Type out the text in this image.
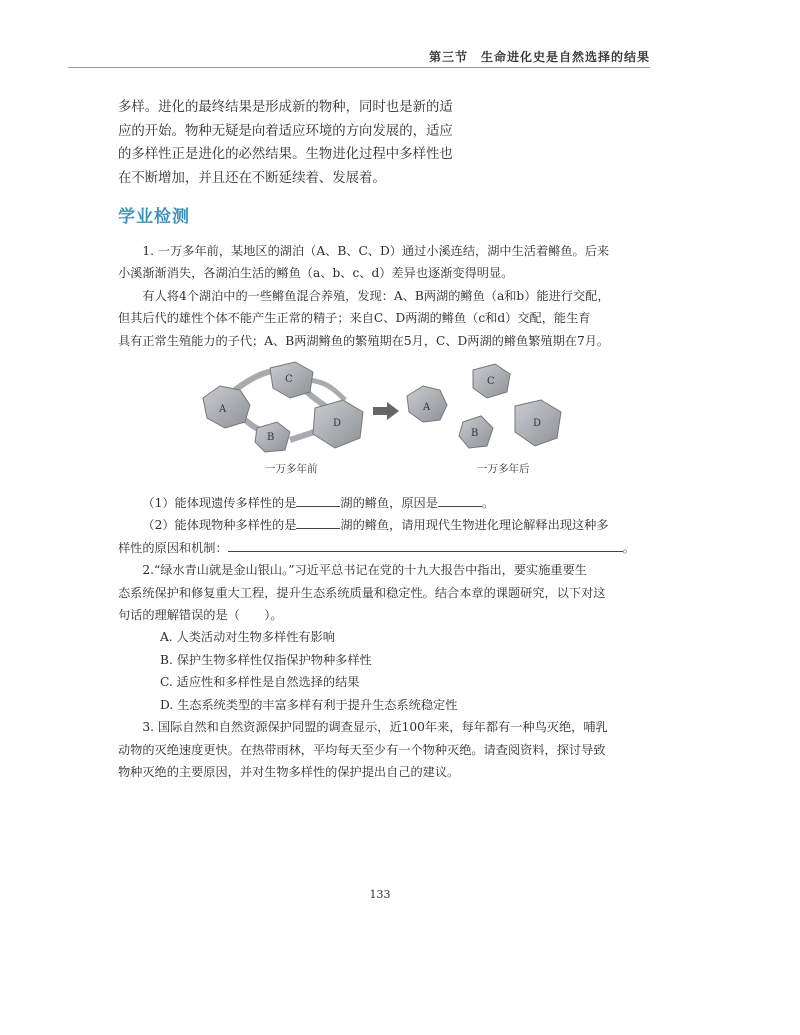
第三节　生命进化史是自然选择的结果

多样。进化的最终结果是形成新的物种，同时也是新的适

应的开始。物种无疑是向着适应环境的方向发展的，适应

的多样性正是进化的必然结果。生物进化过程中多样性也

在不断增加，并且还在不断延续着、发展着。

学业检测

1. 一万多年前，某地区的湖泊（A、B、C、D）通过小溪连结，湖中生活着鳉鱼。后来

小溪渐渐消失，各湖泊生活的鳉鱼（a、b、c、d）差异也逐渐变得明显。

有人将4个湖泊中的一些鳉鱼混合养殖，发现：A、B两湖的鳉鱼（a和b）能进行交配，

但其后代的雄性个体不能产生正常的精子；来自C、D两湖的鳉鱼（c和d）交配，能生育

具有正常生殖能力的子代；A、B两湖鳉鱼的繁殖期在5月，C、D两湖的鳉鱼繁殖期在7月。

（1）能体现遗传多样性的是	湖的鳉鱼，原因是	。

（2）能体现物种多样性的是	湖的鳉鱼，请用现代生物进化理论解释出现这种多

样性的原因和机制：	。

2.“绿水青山就是金山银山。”习近平总书记在党的十九大报告中指出，要实施重要生

态系统保护和修复重大工程，提升生态系统质量和稳定性。结合本章的课题研究，以下对这

句话的理解错误的是（　　）。

A. 人类活动对生物多样性有影响

B. 保护生物多样性仅指保护物种多样性

C. 适应性和多样性是自然选择的结果

D. 生态系统类型的丰富多样有利于提升生态系统稳定性

3. 国际自然和自然资源保护同盟的调查显示，近100年来，每年都有一种鸟灭绝，哺乳

动物的灭绝速度更快。在热带雨林，平均每天至少有一个物种灭绝。请查阅资料，探讨导致

物种灭绝的主要原因，并对生物多样性的保护提出自己的建议。

A
C
B
D
一万多年前
A
C
B
D
一万多年后
133
